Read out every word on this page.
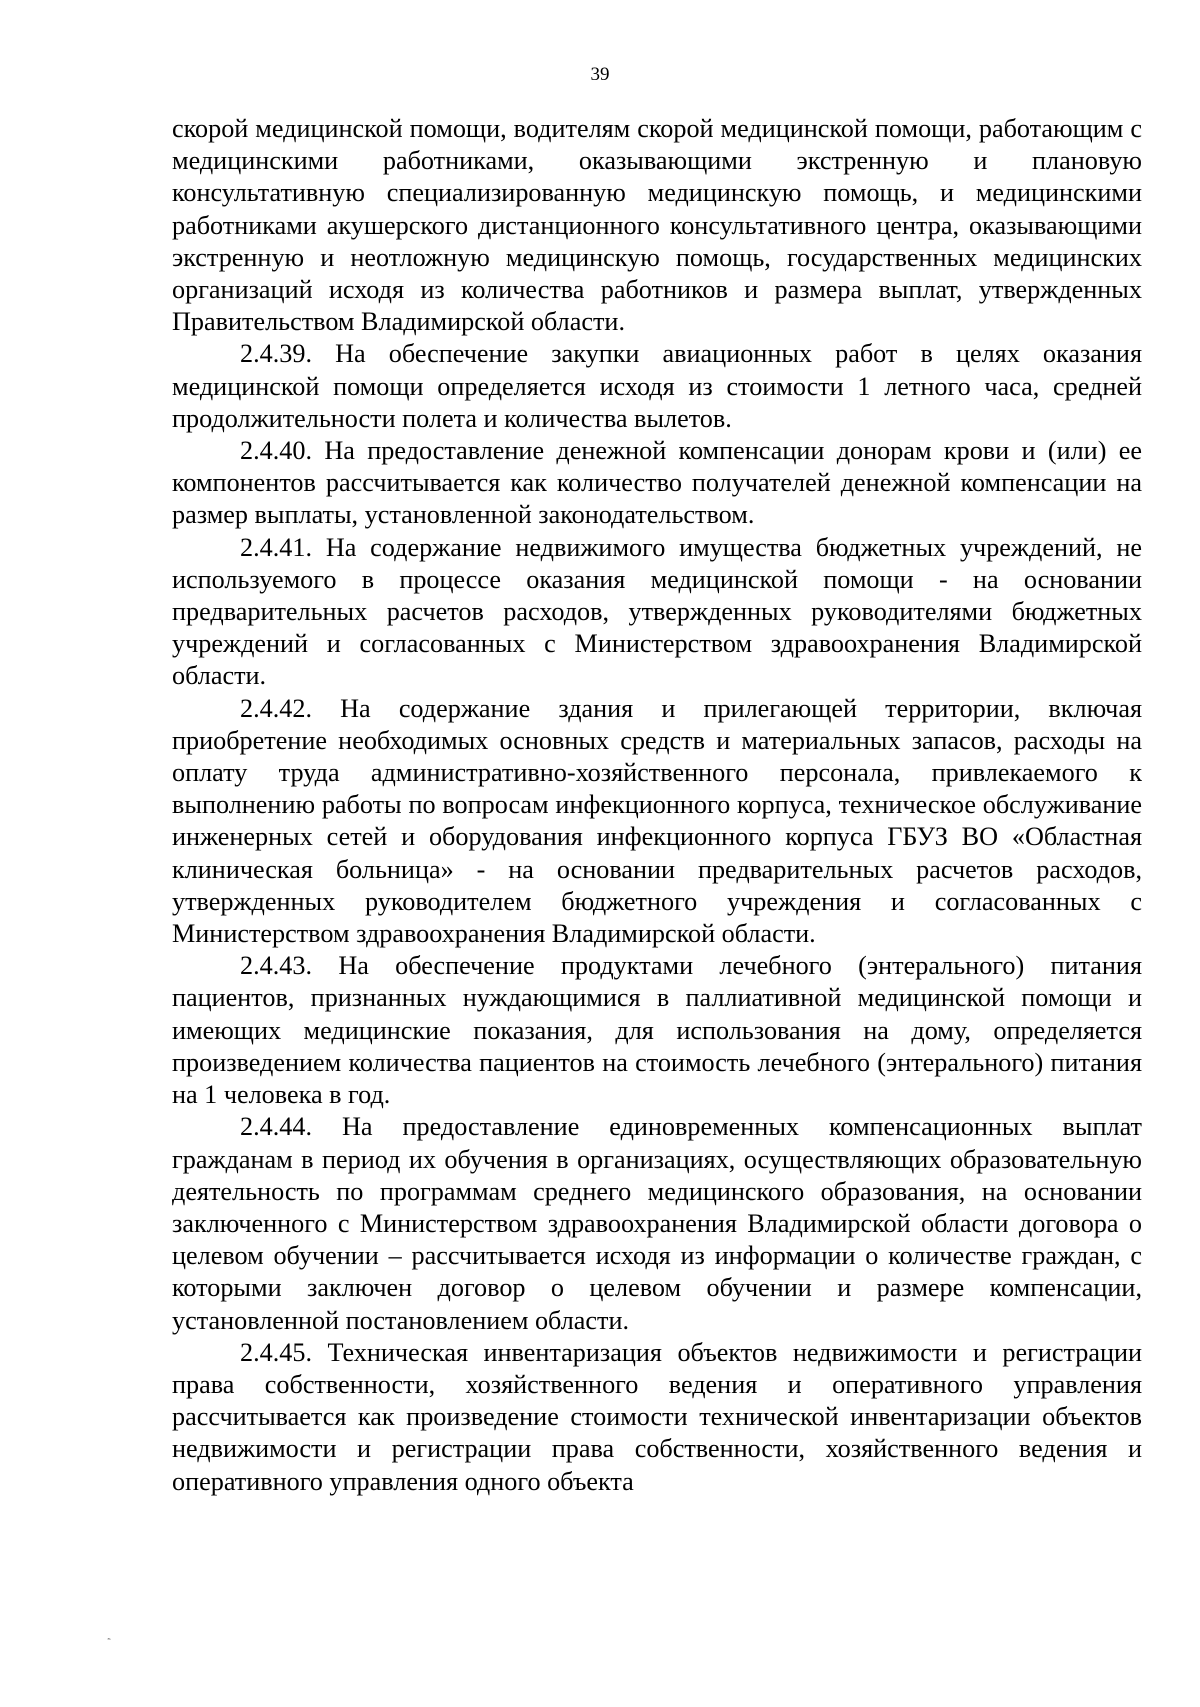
39

скорой медицинской помощи, водителям скорой медицинской помощи, работающим с медицинскими работниками, оказывающими экстренную и плановую консультативную специализированную медицинскую помощь, и медицинскими работниками акушерского дистанционного консультативного центра, оказывающими экстренную и неотложную медицинскую помощь, государственных медицинских организаций исходя из количества работников и размера выплат, утвержденных Правительством Владимирской области.

2.4.39. На обеспечение закупки авиационных работ в целях оказания медицинской помощи определяется исходя из стоимости 1 летного часа, средней продолжительности полета и количества вылетов.

2.4.40. На предоставление денежной компенсации донорам крови и (или) ее компонентов рассчитывается как количество получателей денежной компенсации на размер выплаты, установленной законодательством.

2.4.41. На содержание недвижимого имущества бюджетных учреждений, не используемого в процессе оказания медицинской помощи - на основании предварительных расчетов расходов, утвержденных руководителями бюджетных учреждений и согласованных с Министерством здравоохранения Владимирской области.

2.4.42. На содержание здания и прилегающей территории, включая приобретение необходимых основных средств и материальных запасов, расходы на оплату труда административно-хозяйственного персонала, привлекаемого к выполнению работы по вопросам инфекционного корпуса, техническое обслуживание инженерных сетей и оборудования инфекционного корпуса ГБУЗ ВО «Областная клиническая больница» - на основании предварительных расчетов расходов, утвержденных руководителем бюджетного учреждения и согласованных с Министерством здравоохранения Владимирской области.

2.4.43. На обеспечение продуктами лечебного (энтерального) питания пациентов, признанных нуждающимися в паллиативной медицинской помощи и имеющих медицинские показания, для использования на дому, определяется произведением количества пациентов на стоимость лечебного (энтерального) питания на 1 человека в год.

2.4.44. На предоставление единовременных компенсационных выплат гражданам в период их обучения в организациях, осуществляющих образовательную деятельность по программам среднего медицинского образования, на основании заключенного с Министерством здравоохранения Владимирской области договора о целевом обучении – рассчитывается исходя из информации о количестве граждан, с которыми заключен договор о целевом обучении и размере компенсации, установленной постановлением области.

2.4.45. Техническая инвентаризация объектов недвижимости и регистрации права собственности, хозяйственного ведения и оперативного управления рассчитывается как произведение стоимости технической инвентаризации объектов недвижимости и регистрации права собственности, хозяйственного ведения и оперативного управления одного объекта

ˏ
